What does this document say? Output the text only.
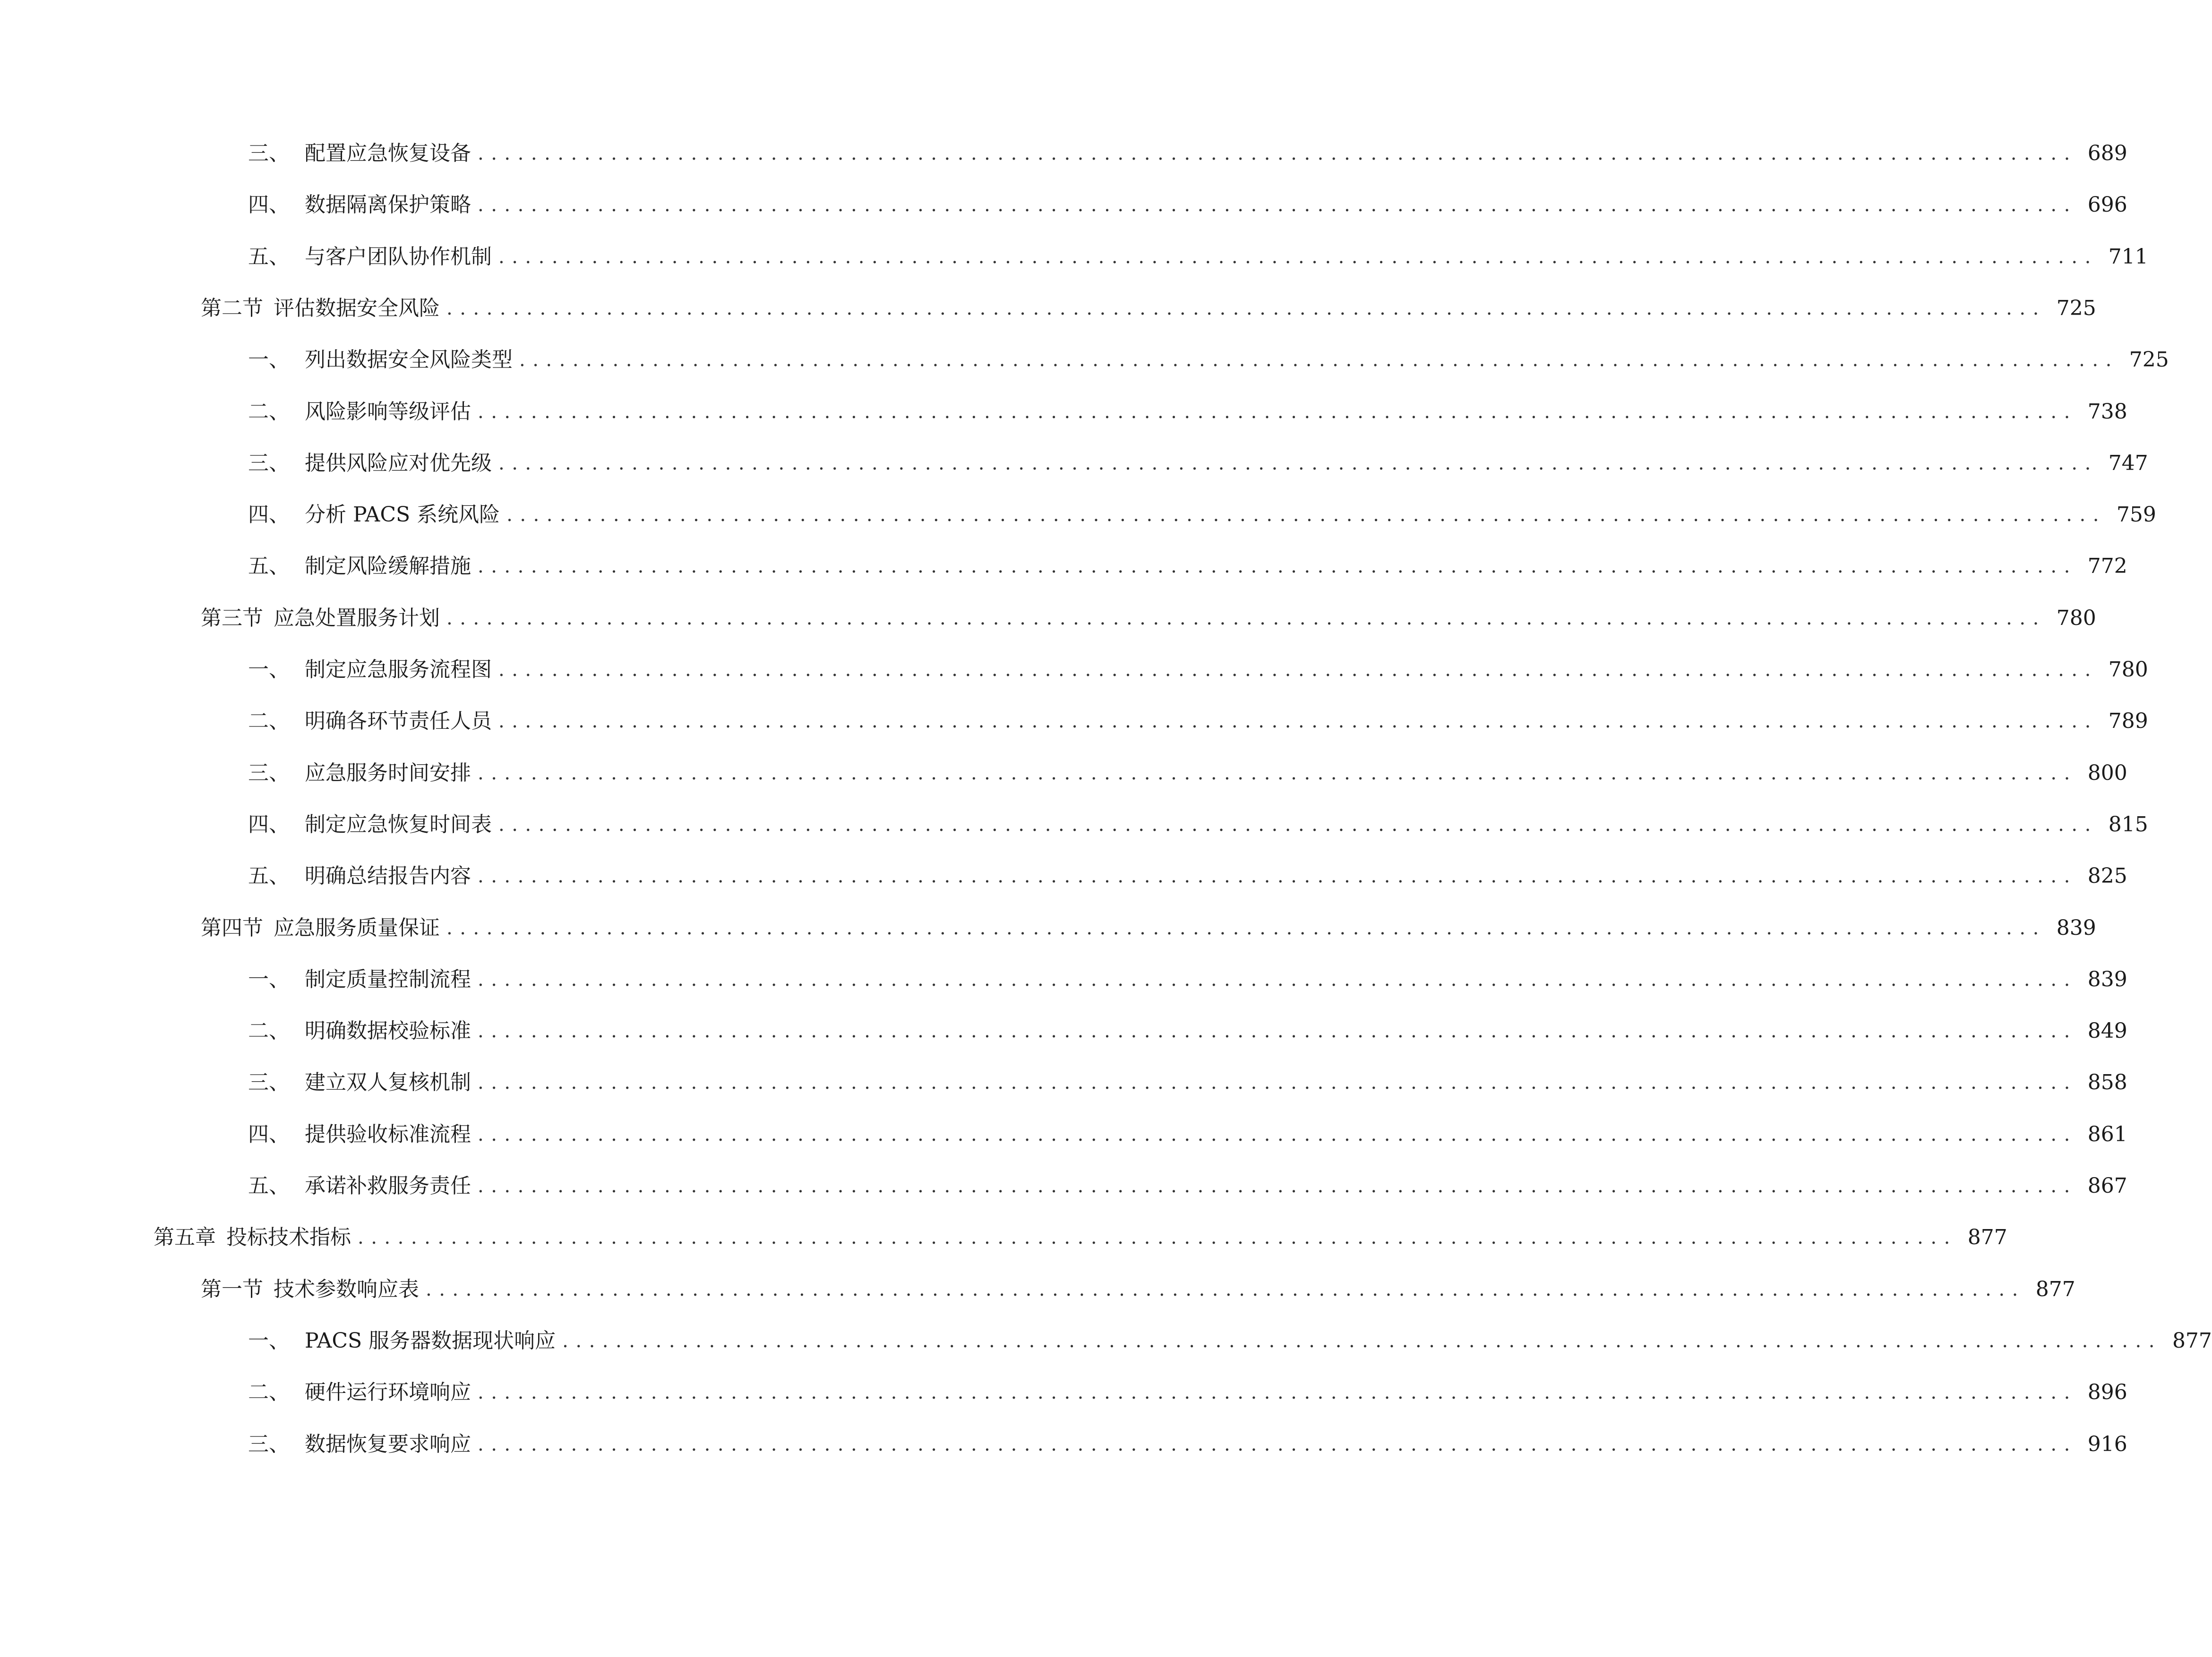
三、 配置应急恢复设备 ........................................................................................................................ 689
四、 数据隔离保护策略 ........................................................................................................................ 696
五、 与客户团队协作机制 ........................................................................................................................ 711
第二节 评估数据安全风险 ........................................................................................................................ 725
一、 列出数据安全风险类型 ........................................................................................................................ 725
二、 风险影响等级评估 ........................................................................................................................ 738
三、 提供风险应对优先级 ........................................................................................................................ 747
四、 分析 PACS 系统风险 ........................................................................................................................ 759
五、 制定风险缓解措施 ........................................................................................................................ 772
第三节 应急处置服务计划 ........................................................................................................................ 780
一、 制定应急服务流程图 ........................................................................................................................ 780
二、 明确各环节责任人员 ........................................................................................................................ 789
三、 应急服务时间安排 ........................................................................................................................ 800
四、 制定应急恢复时间表 ........................................................................................................................ 815
五、 明确总结报告内容 ........................................................................................................................ 825
第四节 应急服务质量保证 ........................................................................................................................ 839
一、 制定质量控制流程 ........................................................................................................................ 839
二、 明确数据校验标准 ........................................................................................................................ 849
三、 建立双人复核机制 ........................................................................................................................ 858
四、 提供验收标准流程 ........................................................................................................................ 861
五、 承诺补救服务责任 ........................................................................................................................ 867
第五章 投标技术指标 ........................................................................................................................ 877
第一节 技术参数响应表 ........................................................................................................................ 877
一、 PACS 服务器数据现状响应 ........................................................................................................................ 877
二、 硬件运行环境响应 ........................................................................................................................ 896
三、 数据恢复要求响应 ........................................................................................................................ 916
